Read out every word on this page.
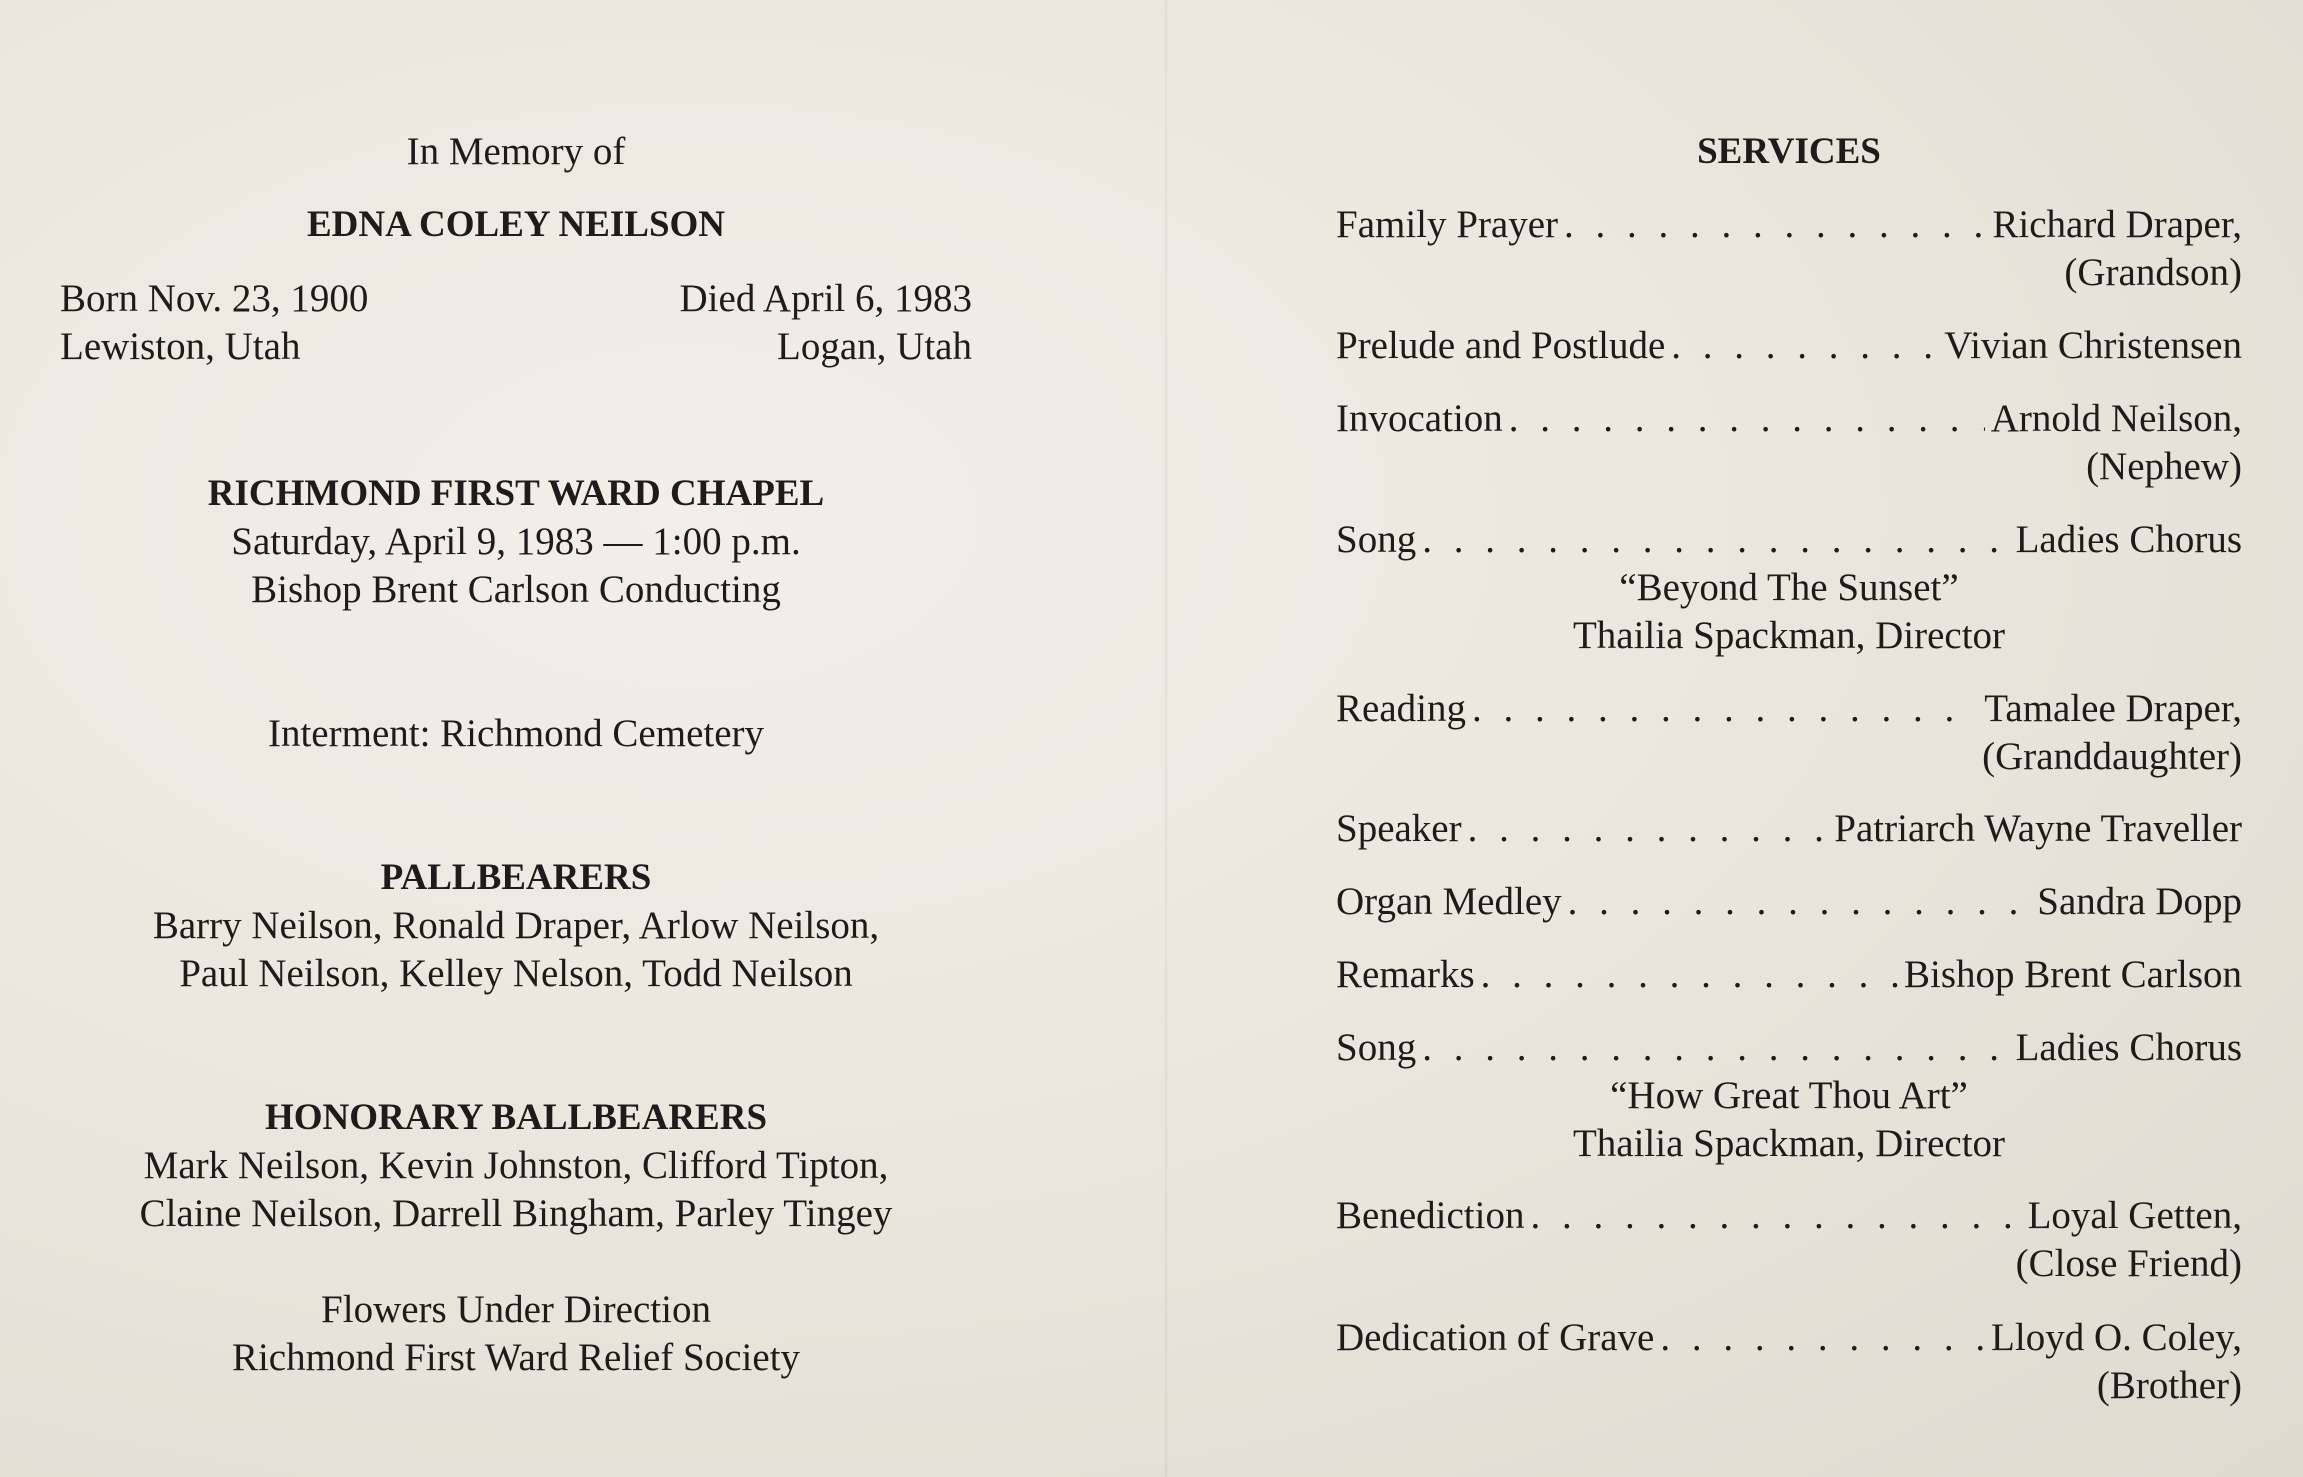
In Memory of
EDNA COLEY NEILSON
Born Nov. 23, 1900	Died April 6, 1983
Lewiston, Utah	Logan, Utah
RICHMOND FIRST WARD CHAPEL
Saturday, April 9, 1983 — 1:00 p.m.
Bishop Brent Carlson Conducting
Interment: Richmond Cemetery
PALLBEARERS
Barry Neilson, Ronald Draper, Arlow Neilson,
Paul Neilson, Kelley Nelson, Todd Neilson
HONORARY BALLBEARERS
Mark Neilson, Kevin Johnston, Clifford Tipton,
Claine Neilson, Darrell Bingham, Parley Tingey
Flowers Under Direction
Richmond First Ward Relief Society
SERVICES
Family Prayer . . .	Richard Draper,
(Grandson)
Prelude and Postlude . . .	Vivian Christensen
Invocation . . .	Arnold Neilson,
(Nephew)
Song . . .	Ladies Chorus
“Beyond The Sunset”
Thailia Spackman, Director
Reading . . .	Tamalee Draper,
(Granddaughter)
Speaker . . .	Patriarch Wayne Traveller
Organ Medley . . .	Sandra Dopp
Remarks . . .	Bishop Brent Carlson
Song . . .	Ladies Chorus
“How Great Thou Art”
Thailia Spackman, Director
Benediction . . .	Loyal Getten,
(Close Friend)
Dedication of Grave . . .	Lloyd O. Coley,
(Brother)
